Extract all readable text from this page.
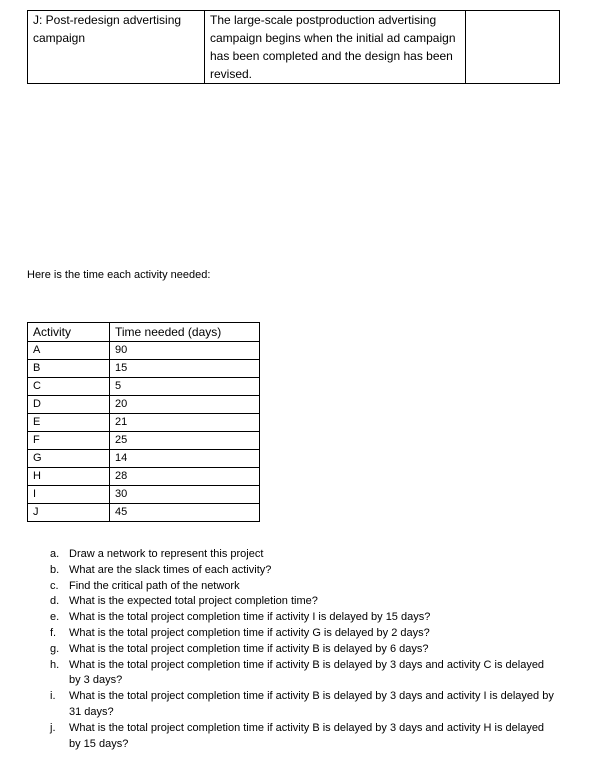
J: Post-redesign advertising campaign	The large-scale postproduction advertising campaign begins when the initial ad campaign has been completed and the design has been revised.	
Here is the time each activity needed:
Activity	Time needed (days)
A	90
B	15
C	5
D	20
E	21
F	25
G	14
H	28
I	30
J	45
a. Draw a network to represent this project
b. What are the slack times of each activity?
c. Find the critical path of the network
d. What is the expected total project completion time?
e. What is the total project completion time if activity I is delayed by 15 days?
f. What is the total project completion time if activity G is delayed by 2 days?
g. What is the total project completion time if activity B is delayed by 6 days?
h. What is the total project completion time if activity B is delayed by 3 days and activity C is delayed by 3 days?
i. What is the total project completion time if activity B is delayed by 3 days and activity I is delayed by 31 days?
j. What is the total project completion time if activity B is delayed by 3 days and activity H is delayed by 15 days?
